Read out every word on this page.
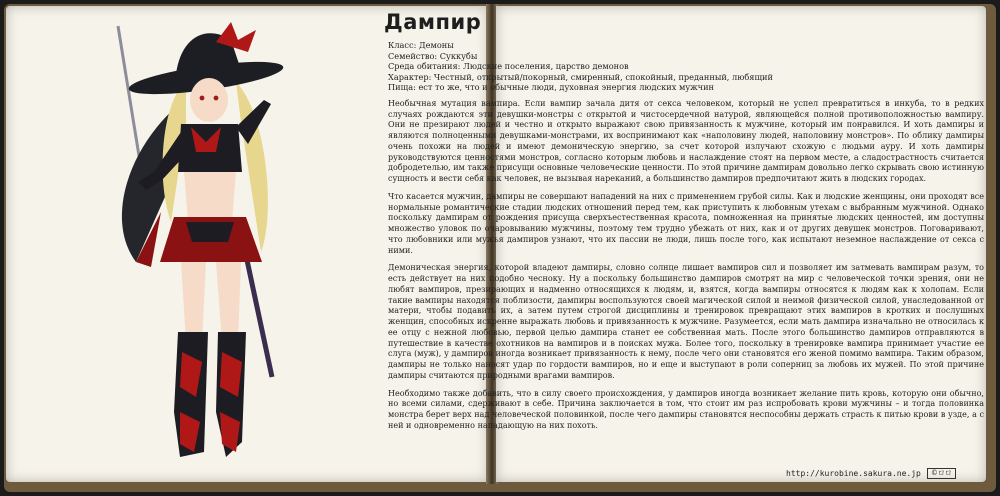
Дампир
Класс: Демоны
Семейство: Суккубы
Среда обитания: Людские поселения, царство демонов
Характер: Честный, открытый/покорный, смиренный, спокойный, преданный, любящий
Пища: ест то же, что и обычные люди, духовная энергия людских мужчин

Необычная мутация вампира. Если вампир зачала дитя от секса человеком, который не успел превратиться в инкуба, то в редких случаях рождаются эти девушки-монстры с открытой и чистосердечной натурой, являющейся полной противоположностью вампиру. Они не презирают людей и честно и открыто выражают свою привязанность к мужчине, который им понравился. И хоть дампиры и являются полноценными девушками-монстрами, их воспринимают как «наполовину людей, наполовину монстров». По облику дампиры очень похожи на людей и имеют демоническую энергию, за счет которой излучают схожую с людьми ауру. И хоть дампиры руководствуются ценностями монстров, согласно которым любовь и наслаждение стоят на первом месте, а сладострастность считается добродетелью, им также присущи основные человеческие ценности. По этой причине дампирам довольно легко скрывать свою истинную сущность и вести себя как человек, не вызывая нареканий, а большинство дампиров предпочитают жить в людских городах.

Что касается мужчин, дампиры не совершают нападений на них с применением грубой силы. Как и людские женщины, они проходят все нормальные романтические стадии людских отношений перед тем, как приступить к любовным утехам с выбранным мужчиной. Однако поскольку дампирам от рождения присуща сверхъестественная красота, помноженная на принятые людских ценностей, им доступны множество уловок по очаровыванию мужчины, поэтому тем трудно убежать от них, как и от других девушек монстров. Поговаривают, что любовники или мужья дампиров узнают, что их пассии не люди, лишь после того, как испытают неземное наслаждение от секса с ними.

Демоническая энергия, которой владеют дампиры, словно солнце лишает вампиров сил и позволяет им затмевать вампирам разум, то есть действует на них подобно чесноку. Ну а поскольку большинство дампиров смотрят на мир с человеческой точки зрения, они не любят вампиров, презирающих и надменно относящихся к людям, и, взятся, когда вампиры относятся к людям как к холопам. Если такие вампиры находятся поблизости, дампиры воспользуются своей магической силой и неимой физической силой, унаследованной от матери, чтобы подавить их, а затем путем строгой дисциплины и тренировок превращают этих вампиров в кротких и послушных женщин, способных искренне выражать любовь и привязанность к мужчине. Разумеется, если мать дампира изначально не относилась к ее отцу с нежной любовью, первой целью дампира станет ее собственная мать. После этого большинство дампиров отправляются в путешествие в качестве охотников на вампиров и в поисках мужа. Более того, поскольку в тренировке вампира принимает участие ее слуга (муж), у дампиров иногда возникает привязанность к нему, после чего они становятся его женой помимо вампира. Таким образом, дампиры не только наносят удар по гордости вампиров, но и еще и выступают в роли соперниц за любовь их мужей. По этой причине дампиры считаются природными врагами вампиров.

Необходимо также добавить, что в силу своего происхождения, у дампиров иногда возникает желание пить кровь, которую они обычно, но всеми силами, сдерживают в себе. Причина заключается в том, что стоит им раз испробовать крови мужчины – и тогда половинка монстра берет верх над человеческой половинкой, после чего дампиры становятся неспособны держать страсть к питью крови в узде, а с ней и одновременно нападающую на них похоть.

http://kurobine.sakura.ne.jp	©ロロ
